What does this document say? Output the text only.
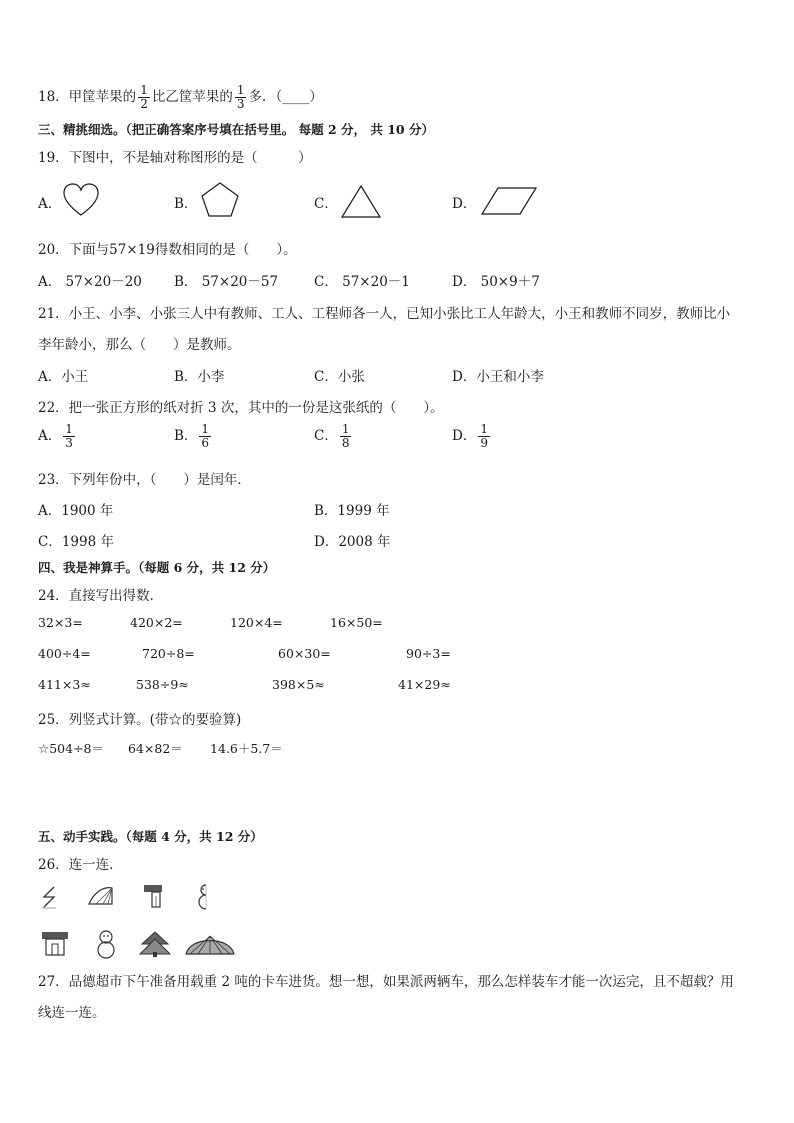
18．甲筐苹果的 $\frac{1}{2}$ 比乙筐苹果的 $\frac{1}{3}$ 多．（____）
三、精挑细选。（把正确答案序号填在括号里。 每题 2 分， 共 10 分）
19．下图中，不是轴对称图形的是（　　　）
A．	B．	C．	D．
20．下面与57×19得数相同的是（　　）。
A． 57×20－20 B． 57×20－57	C． 57×20－1	D． 50×9＋7
21．小王、小李、小张三人中有教师、工人、工程师各一人，已知小张比工人年龄大，小王和教师不同岁，教师比小
李年龄小，那么（　　）是教师。
A．小王	B．小李	C．小张	D．小王和小李
22．把一张正方形的纸对折 3 次，其中的一份是这张纸的（　　）。
A． $\frac{1}{3}$	B． $\frac{1}{6}$	C． $\frac{1}{8}$	D． $\frac{1}{9}$
23．下列年份中，（　　）是闰年．
A．1900 年	B．1999 年
C．1998 年	D．2008 年
四、我是神算手。（每题 6 分，共 12 分）
24．直接写出得数．
32×3=	420×2=	120×4=	16×50=
400÷4=	720÷8=	60×30=	90÷3=
411×3≈	538÷9≈	398×5≈	41×29≈
25．列竖式计算。(带☆的要验算)
☆504÷8＝ 64×82＝ 14.6＋5.7＝
五、动手实践。（每题 4 分，共 12 分）
26．连一连．
27．品德超市下午准备用载重 2 吨的卡车进货。想一想，如果派两辆车，那么怎样装车才能一次运完，且不超载？用
线连一连。
